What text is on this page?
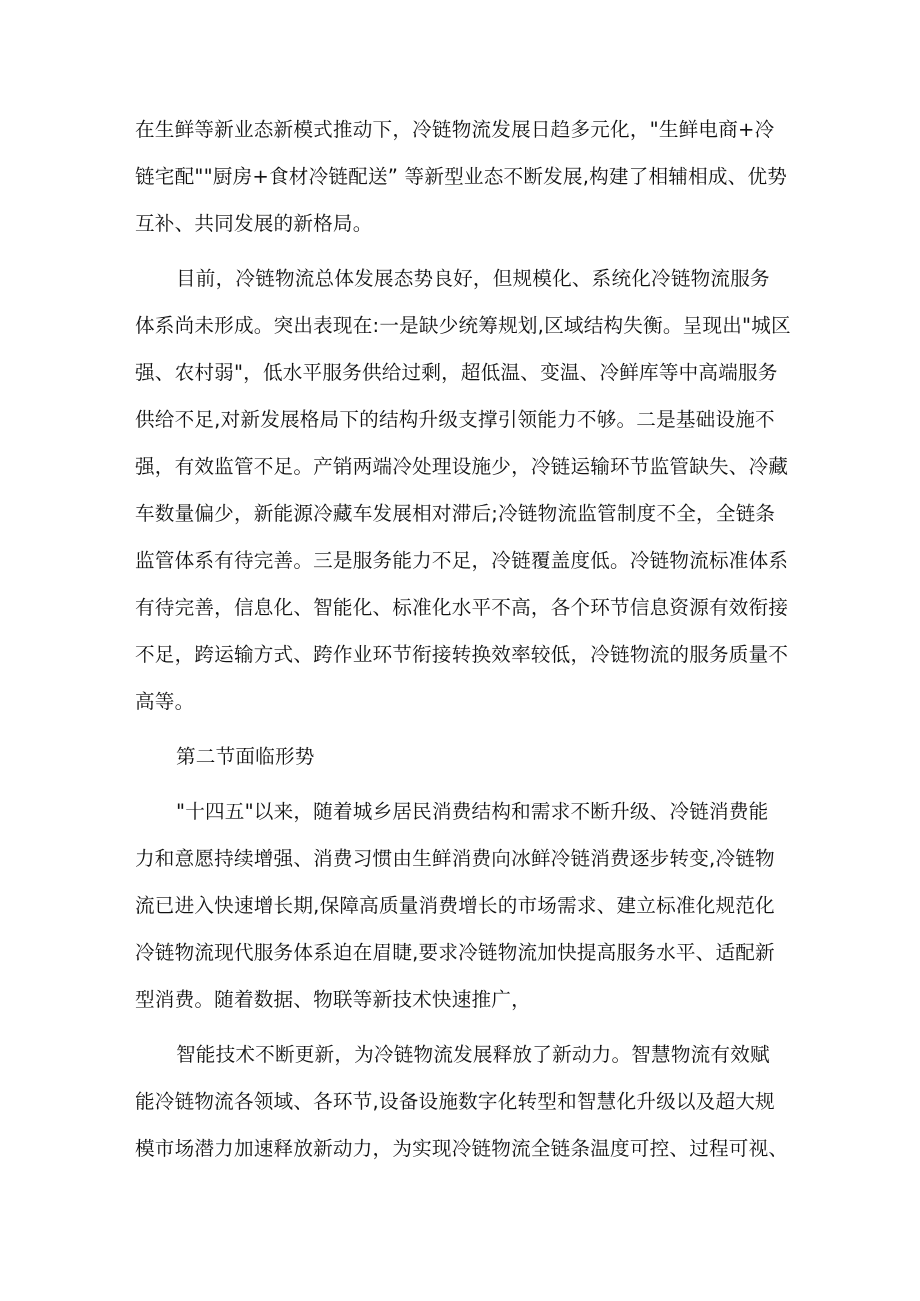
在生鲜等新业态新模式推动下，冷链物流发展日趋多元化，"生鲜电商+冷
链宅配""厨房+食材冷链配送” 等新型业态不断发展,构建了相辅相成、优势
互补、共同发展的新格局。
目前，冷链物流总体发展态势良好，但规模化、系统化冷链物流服务
体系尚未形成。突出表现在:一是缺少统筹规划,区域结构失衡。呈现出"城区
强、农村弱"，低水平服务供给过剩，超低温、变温、冷鲜库等中高端服务
供给不足,对新发展格局下的结构升级支撑引领能力不够。二是基础设施不
强，有效监管不足。产销两端冷处理设施少，冷链运输环节监管缺失、冷藏
车数量偏少，新能源冷藏车发展相对滞后;冷链物流监管制度不全，全链条
监管体系有待完善。三是服务能力不足，冷链覆盖度低。冷链物流标准体系
有待完善，信息化、智能化、标准化水平不高，各个环节信息资源有效衔接
不足，跨运输方式、跨作业环节衔接转换效率较低，冷链物流的服务质量不
高等。
第二节面临形势
"十四五"以来，随着城乡居民消费结构和需求不断升级、冷链消费能
力和意愿持续增强、消费习惯由生鲜消费向冰鲜冷链消费逐步转变,冷链物
流已进入快速增长期,保障高质量消费增长的市场需求、建立标准化规范化
冷链物流现代服务体系迫在眉睫,要求冷链物流加快提高服务水平、适配新
型消费。随着数据、物联等新技术快速推广，
智能技术不断更新，为冷链物流发展释放了新动力。智慧物流有效赋
能冷链物流各领域、各环节,设备设施数字化转型和智慧化升级以及超大规
模市场潜力加速释放新动力，为实现冷链物流全链条温度可控、过程可视、
